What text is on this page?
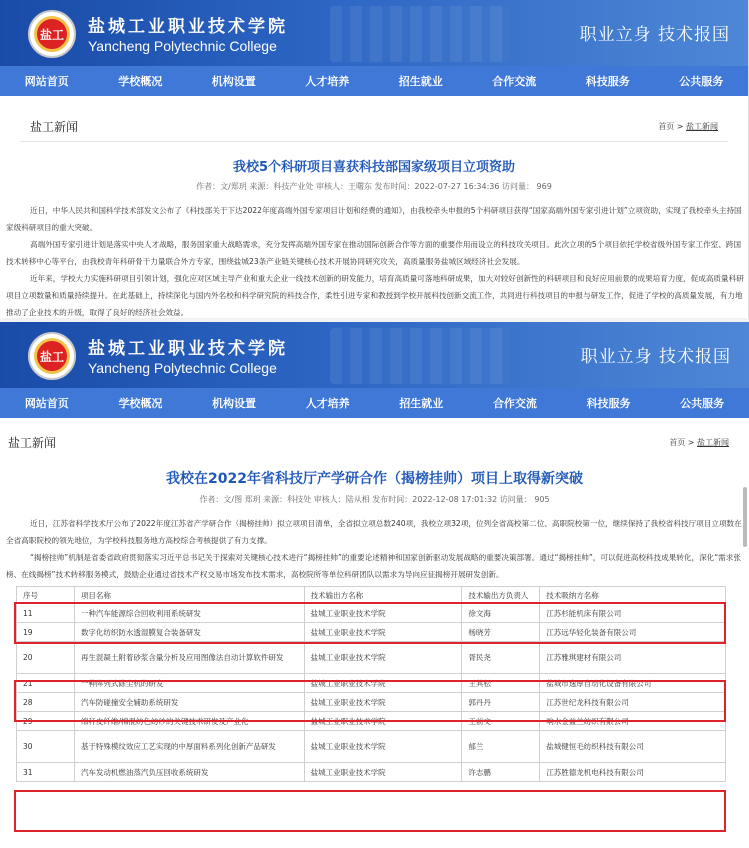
盐工	盐城工业职业技术学院
Yancheng Polytechnic College
职业立身 技术报国
网站首页	学校概况	机构设置	人才培养	招生就业	合作交流	科技服务	公共服务
盐工新闻	首页 > 盐工新闻
我校5个科研项目喜获科技部国家级项目立项资助
作者：文/郑玥 来源：科技产业处 审核人：王曙东 发布时间：2022-07-27 16:34:36 访问量： 969

近日，中华人民共和国科学技术部发文公布了《科技部关于下达2022年度高端外国专家项目计划和经费的通知》，由我校牵头申报的5个科研项目获得“国家高端外国专家引进计划”立项资助，实现了我校牵头主持国家级科研项目的重大突破。

高端外国专家引进计划是落实中央人才战略，服务国家重大战略需求，充分发挥高端外国专家在推动国际创新合作等方面的重要作用而设立的科技攻关项目。此次立项的5个项目依托学校省级外国专家工作室、跨国技术转移中心等平台，由我校青年科研骨干力量联合外方专家，围绕盐城23条产业链关键核心技术开展协同研究攻关，高质量服务盐城区域经济社会发展。

近年来，学校大力实施科研项目引领计划，强化应对区域主导产业和重大企业一线技术创新的研发能力，培育高质量可落地科研成果，加大对较好创新性的科研项目和良好应用前景的成果培育力度，促成高质量科研项目立项数量和质量持续提升。在此基础上，持续深化与国内外名校和科学研究院的科技合作，柔性引进专家和教授到学校开展科技创新交流工作，共同进行科技项目的申报与研发工作，促进了学校的高质量发展，有力地推动了企业技术的升级，取得了良好的经济社会效益。

盐工	盐城工业职业技术学院
Yancheng Polytechnic College
职业立身 技术报国
网站首页	学校概况	机构设置	人才培养	招生就业	合作交流	科技服务	公共服务
盐工新闻	首页 > 盐工新闻
我校在2022年省科技厅产学研合作（揭榜挂帅）项目上取得新突破
作者：文/图 郑玥 来源：科技处 审核人：陆从相 发布时间：2022-12-08 17:01:32 访问量： 905

近日，江苏省科学技术厅公布了2022年度江苏省产学研合作（揭榜挂帅）拟立项项目清单，全省拟立项总数240项，我校立项32项，位列全省高校第二位、高职院校第一位，继续保持了我校省科技厅项目立项数在全省高职院校的领先地位，为学校科技服务地方高校综合考核提供了有力支撑。

“揭榜挂帅”机制是省委省政府贯彻落实习近平总书记关于探索对关键核心技术进行“揭榜挂帅”的重要论述精神和国家创新驱动发展战略的重要决策部署。通过“揭榜挂帅”，可以促进高校科技成果转化，深化“需求张榜、在线揭榜”技术转移服务模式，鼓励企业通过省技术产权交易市场发布技术需求，高校院所等单位科研团队以需求为导向应征揭榜开展研发创新。

序号	项目名称	技术输出方名称	技术输出方负责人	技术吸纳方名称
11	一种汽车能源综合回收利用系统研发	盐城工业职业技术学院	徐文海	江苏杉能机床有限公司
19	数字化纺织防水透湿膜复合装备研发	盐城工业职业技术学院	杨晓芳	江苏远华轻化装备有限公司
20	再生混凝土附着砂浆含量分析及应用图像法自动计算软件研发	盐城工业职业技术学院	胥民尧	江苏雅琪建材有限公司
21	一种阵列式除尘机的研发	盐城工业职业技术学院	王其松	盐城市逸厚自动化设备有限公司
28	汽车防碰撞安全辅助系统研发	盐城工业职业技术学院	郭丹丹	江苏世纪龙科技有限公司
29	绵秆皮纤维/棉混纺色纺纱的关键技术研发及产业化	盐城工业职业技术学院	王前文	响水金益兰纺织有限公司
30	基于特殊模纹效应工艺实现的中厚面料系列化创新产品研发	盐城工业职业技术学院	郁兰	盐城健恒毛纺织科技有限公司
31	汽车发动机燃油蒸汽负压回收系统研发	盐城工业职业技术学院	许志鹏	江苏胜德龙机电科技有限公司
